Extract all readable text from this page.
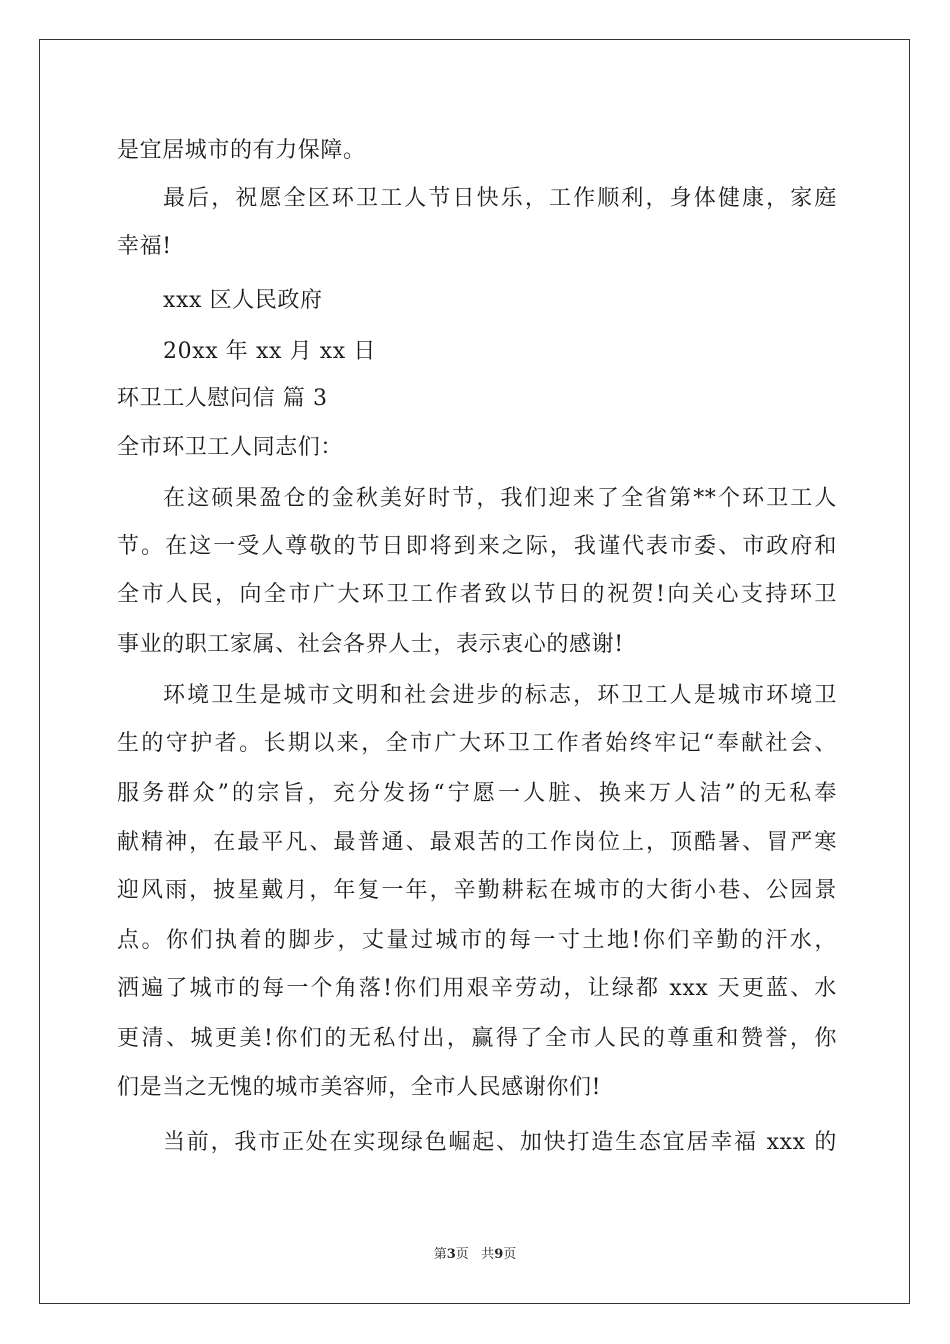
是宜居城市的有力保障。
最后，祝愿全区环卫工人节日快乐，工作顺利，身体健康，家庭
幸福!
xxx 区人民政府
20xx 年 xx 月 xx 日
环卫工人慰问信 篇 3
全市环卫工人同志们：
在这硕果盈仓的金秋美好时节，我们迎来了全省第**个环卫工人
节。在这一受人尊敬的节日即将到来之际，我谨代表市委、市政府和
全市人民，向全市广大环卫工作者致以节日的祝贺!向关心支持环卫
事业的职工家属、社会各界人士，表示衷心的感谢!
环境卫生是城市文明和社会进步的标志，环卫工人是城市环境卫
生的守护者。长期以来，全市广大环卫工作者始终牢记“奉献社会、
服务群众”的宗旨，充分发扬“宁愿一人脏、换来万人洁”的无私奉
献精神，在最平凡、最普通、最艰苦的工作岗位上，顶酷暑、冒严寒
迎风雨，披星戴月，年复一年，辛勤耕耘在城市的大街小巷、公园景
点。你们执着的脚步，丈量过城市的每一寸土地!你们辛勤的汗水，
洒遍了城市的每一个角落!你们用艰辛劳动，让绿都 xxx 天更蓝、水
更清、城更美!你们的无私付出，赢得了全市人民的尊重和赞誉，你
们是当之无愧的城市美容师，全市人民感谢你们!
当前，我市正处在实现绿色崛起、加快打造生态宜居幸福 xxx 的
第3页 共9页
